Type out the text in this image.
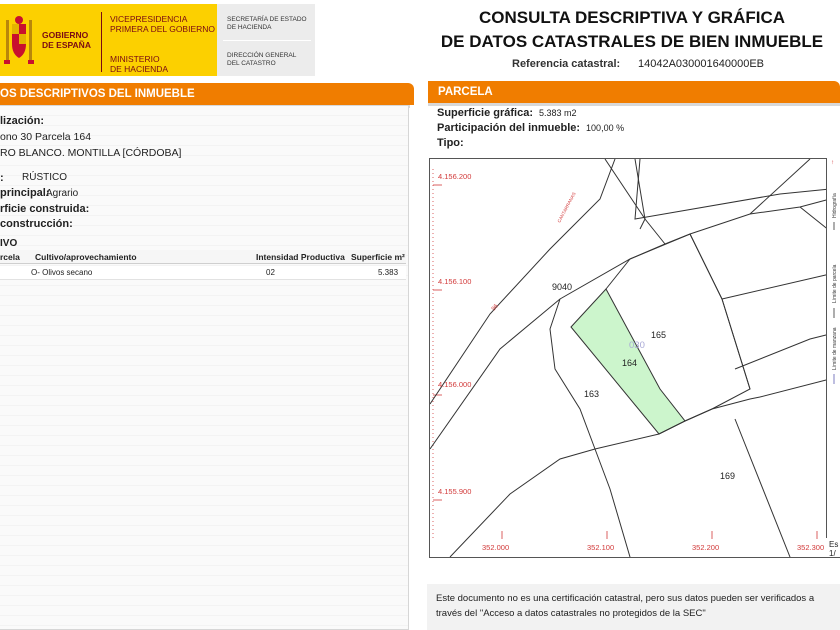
GOBIERNO
DE ESPAÑA
VICEPRESIDENCIA
PRIMERA DEL GOBIERNO
MINISTERIO
DE HACIENDA
SECRETARÍA DE ESTADO
DE HACIENDA
DIRECCIÓN GENERAL
DEL CATASTRO
CONSULTA DESCRIPTIVA Y GRÁFICA
DE DATOS CATASTRALES DE BIEN INMUEBLE
Referencia catastral: 14042A030001640000EB
OS DESCRIPTIVOS DEL INMUEBLE	PARCELA
lización:
ono 30 Parcela 164
RO BLANCO. MONTILLA [CÓRDOBA]
: RÚSTICO
principal:
Agrario
rficie construida:
construcción:
IVO
rcela Cultivo/aprovechamiento	Intensidad Productiva Superficie m²
O- Olivos secano	02	5.383
Superficie gráfica: 5.383 m2
Participación del inmueble: 100,00 %
Tipo:
9040
165
164
163
169
030
CANTARRANAS
96
4.156.200
4.156.100
4.156.000
4.155.900
352.000	352.100	352.200	352.300
Hidrografía
Límite de parcela
Límite de manzana
↑
Es
1/
Este documento no es una certificación catastral, pero sus datos pueden ser verificados a
través del "Acceso a datos catastrales no protegidos de la SEC"
